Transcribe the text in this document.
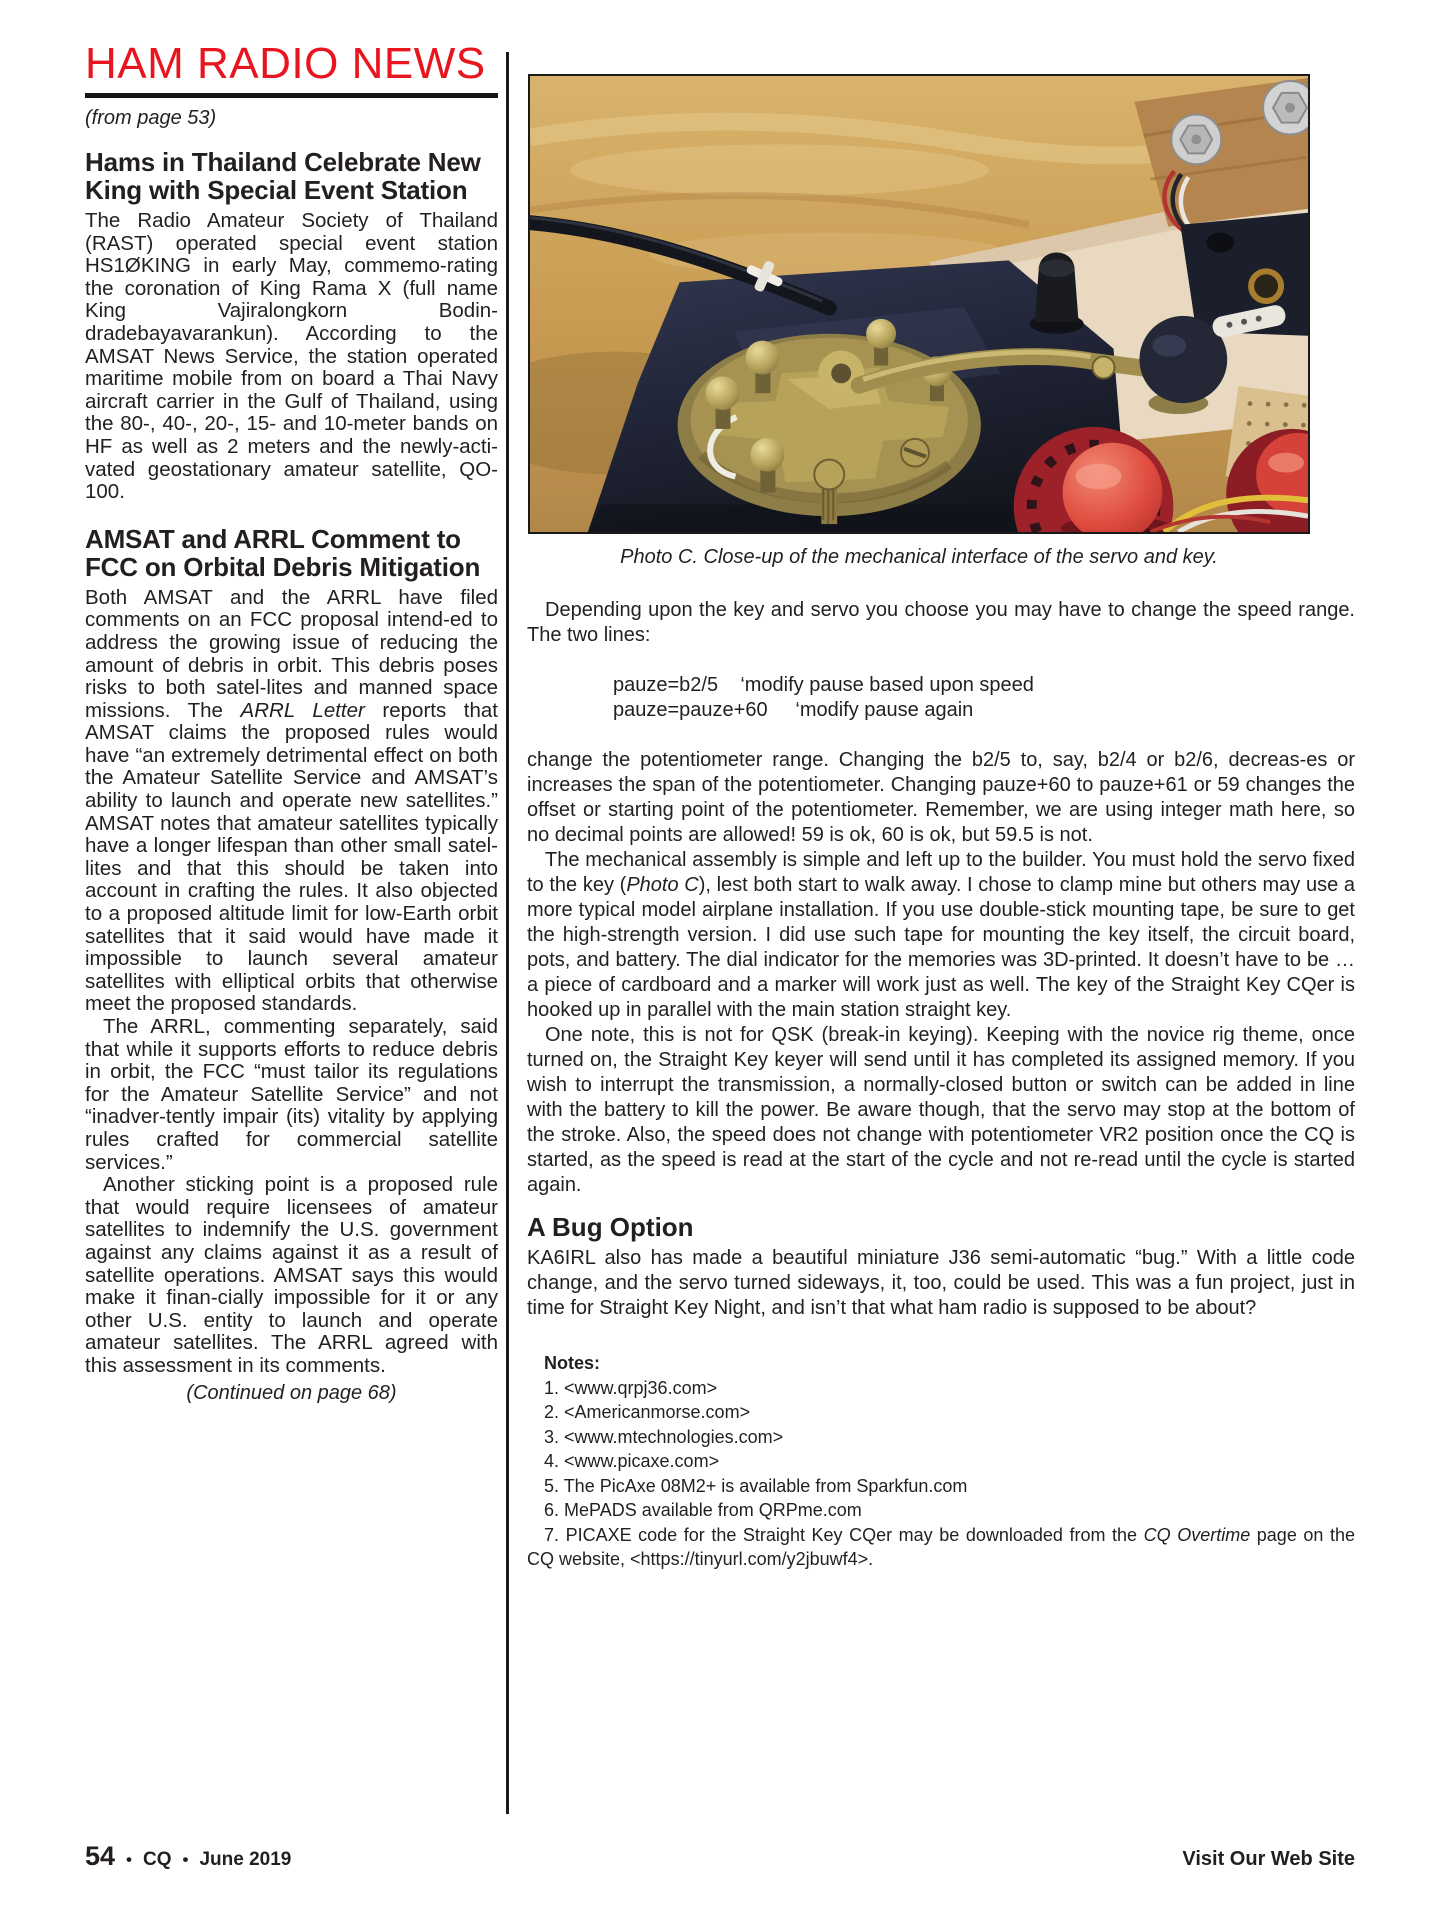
HAM RADIO NEWS
(from page 53)
Hams in Thailand Celebrate New King with Special Event Station

The Radio Amateur Society of Thailand (RAST) operated special event station HS1ØKING in early May, commemo-rating the coronation of King Rama X (full name King Vajiralongkorn Bodin-dradebayavarankun). According to the AMSAT News Service, the station operated maritime mobile from on board a Thai Navy aircraft carrier in the Gulf of Thailand, using the 80-, 40-, 20-, 15- and 10-meter bands on HF as well as 2 meters and the newly-acti-vated geostationary amateur satellite, QO-100.

AMSAT and ARRL Comment to FCC on Orbital Debris Mitigation

Both AMSAT and the ARRL have filed comments on an FCC proposal intend-ed to address the growing issue of reducing the amount of debris in orbit. This debris poses risks to both satel-lites and manned space missions. The ARRL Letter reports that AMSAT claims the proposed rules would have “an extremely detrimental effect on both the Amateur Satellite Service and AMSAT’s ability to launch and operate new satellites.” AMSAT notes that amateur satellites typically have a longer lifespan than other small satel-lites and that this should be taken into account in crafting the rules. It also objected to a proposed altitude limit for low-Earth orbit satellites that it said would have made it impossible to launch several amateur satellites with elliptical orbits that otherwise meet the proposed standards.

The ARRL, commenting separately, said that while it supports efforts to reduce debris in orbit, the FCC “must tailor its regulations for the Amateur Satellite Service” and not “inadver-tently impair (its) vitality by applying rules crafted for commercial satellite services.”

Another sticking point is a proposed rule that would require licensees of amateur satellites to indemnify the U.S. government against any claims against it as a result of satellite operations. AMSAT says this would make it finan-cially impossible for it or any other U.S. entity to launch and operate amateur satellites. The ARRL agreed with this assessment in its comments.

(Continued on page 68)
Photo C. Close-up of the mechanical interface of the servo and key.

Depending upon the key and servo you choose you may have to change the speed range. The two lines:

pauze=b2/5    ‘modify pause based upon speed
pauze=pauze+60     ‘modify pause again

change the potentiometer range. Changing the b2/5 to, say, b2/4 or b2/6, decreas-es or increases the span of the potentiometer. Changing pauze+60 to pauze+61 or 59 changes the offset or starting point of the potentiometer. Remember, we are using integer math here, so no decimal points are allowed! 59 is ok, 60 is ok, but 59.5 is not.

The mechanical assembly is simple and left up to the builder. You must hold the servo fixed to the key (Photo C), lest both start to walk away. I chose to clamp mine but others may use a more typical model airplane installation. If you use double-stick mounting tape, be sure to get the high-strength version. I did use such tape for mounting the key itself, the circuit board, pots, and battery. The dial indicator for the memories was 3D-printed. It doesn’t have to be … a piece of cardboard and a marker will work just as well. The key of the Straight Key CQer is hooked up in parallel with the main station straight key.

One note, this is not for QSK (break-in keying). Keeping with the novice rig theme, once turned on, the Straight Key keyer will send until it has completed its assigned memory. If you wish to interrupt the transmission, a normally-closed button or switch can be added in line with the battery to kill the power. Be aware though, that the servo may stop at the bottom of the stroke. Also, the speed does not change with potentiometer VR2 position once the CQ is started, as the speed is read at the start of the cycle and not re-read until the cycle is started again.

A Bug Option

KA6IRL also has made a beautiful miniature J36 semi-automatic “bug.” With a little code change, and the servo turned sideways, it, too, could be used. This was a fun project, just in time for Straight Key Night, and isn’t that what ham radio is supposed to be about?

Notes:
1. <www.qrpj36.com>
2. <Americanmorse.com>
3. <www.mtechnologies.com>
4. <www.picaxe.com>
5. The PicAxe 08M2+ is available from Sparkfun.com
6. MePADS available from QRPme.com
7. PICAXE code for the Straight Key CQer may be downloaded from the CQ Overtime page on the CQ website, <https://tinyurl.com/y2jbuwf4>.
54 • CQ • June 2019	Visit Our Web Site
